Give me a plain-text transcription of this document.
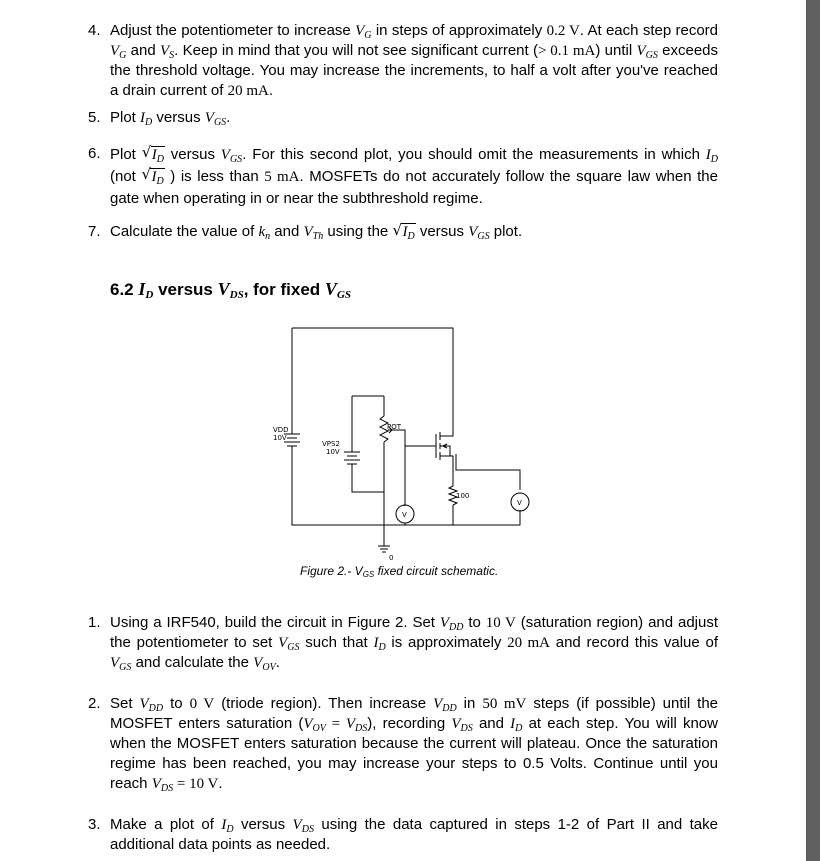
4. Adjust the potentiometer to increase $V_G$ in steps of approximately 0.2 V. At each step record $V_G$ and $V_S$. Keep in mind that you will not see significant current (> 0.1 mA) until $V_{GS}$ exceeds the threshold voltage. You may increase the increments, to half a volt after you've reached a drain current of 20 mA.
5. Plot $I_D$ versus $V_{GS}$.
6. Plot √ $I_D$ versus $V_{GS}$. For this second plot, you should omit the measurements in which $I_D$ (not √ $I_D$ ) is less than 5 mA. MOSFETs do not accurately follow the square law when the gate when operating in or near the subthreshold regime.
7. Calculate the value of $k_n$ and $V_{Th}$ using the √ $I_D$ versus $V_{GS}$ plot.
6.2 $I_D$ versus $V_{DS}$, for fixed $V_{GS}$
VDD
10V
VPS2
10V
POT
100
V
V
0
Figure 2.- $V_{GS}$ fixed circuit schematic.
1. Using a IRF540, build the circuit in Figure 2. Set $V_{DD}$ to 10 V (saturation region) and adjust the potentiometer to set $V_{GS}$ such that $I_D$ is approximately 20 mA and record this value of $V_{GS}$ and calculate the $V_{OV}$.
2. Set $V_{DD}$ to 0 V (triode region). Then increase $V_{DD}$ in 50 mV steps (if possible) until the MOSFET enters saturation $(V_{OV} = V_{DS})$, recording $V_{DS}$ and $I_D$ at each step. You will know when the MOSFET enters saturation because the current will plateau. Once the saturation regime has been reached, you may increase your steps to 0.5 Volts. Continue until you reach $V_{DS} = 10$ V.
3. Make a plot of $I_D$ versus $V_{DS}$ using the data captured in steps 1-2 of Part II and take additional data points as needed.
